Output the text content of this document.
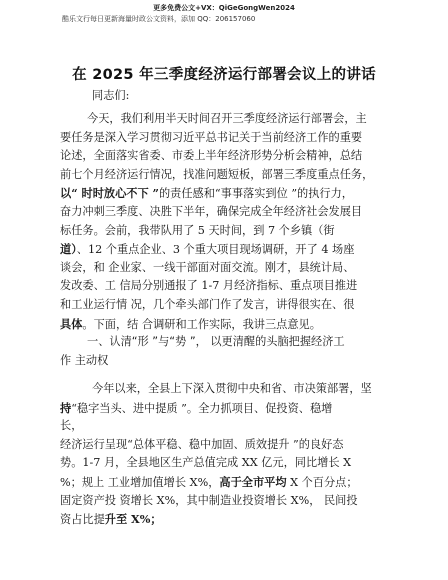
更多免费公文+VX：QiGeGongWen2024
酷乐文行每日更新海量时政公文资料，添加 QQ：206157060
在 2025 年三季度经济运行部署会议上的讲话
同志们:
今天，我们利用半天时间召开三季度经济运行部署会，主
要任务是深入学习贯彻习近平总书记关于当前经济工作的重要
论述，全面落实省委、市委上半年经济形势分析会精神，总结
前七个月经济运行情况，找准问题短板，部署三季度重点任务，
以“ 时时放心不下 ”的责任感和“事事落实到位 ”的执行力，
奋力冲刺三季度、决胜下半年，确保完成全年经济社会发展目
标任务。会前，我带队用了 5 天时间，到 7 个乡镇（街
道）、12 个重点企业、3 个重大项目现场调研，开了 4 场座
谈会，和 企业家、一线干部面对面交流。刚才，县统计局、
发改委、工 信局分别通报了 1-7 月经济指标、重点项目推进
和工业运行情 况，几个牵头部门作了发言，讲得很实在、很
具体。下面，结 合调研和工作实际，我讲三点意见。
一、认清“形 ”与“势 ”， 以更清醒的头脑把握经济工
作 主动权
今年以来，全县上下深入贯彻中央和省、市决策部署，坚
持“稳字当头、进中提质 ”。全力抓项目、促投资、稳增
长，
经济运行呈现“总体平稳、稳中加固、质效提升 ”的良好态
势。1-7 月，全县地区生产总值完成 XX 亿元，同比增长 X
%；规上 工业增加值增长 X%，高于全市平均 X 个百分点；
固定资产投 资增长 X%，其中制造业投资增长 X%， 民间投
资占比提升至 X%；
